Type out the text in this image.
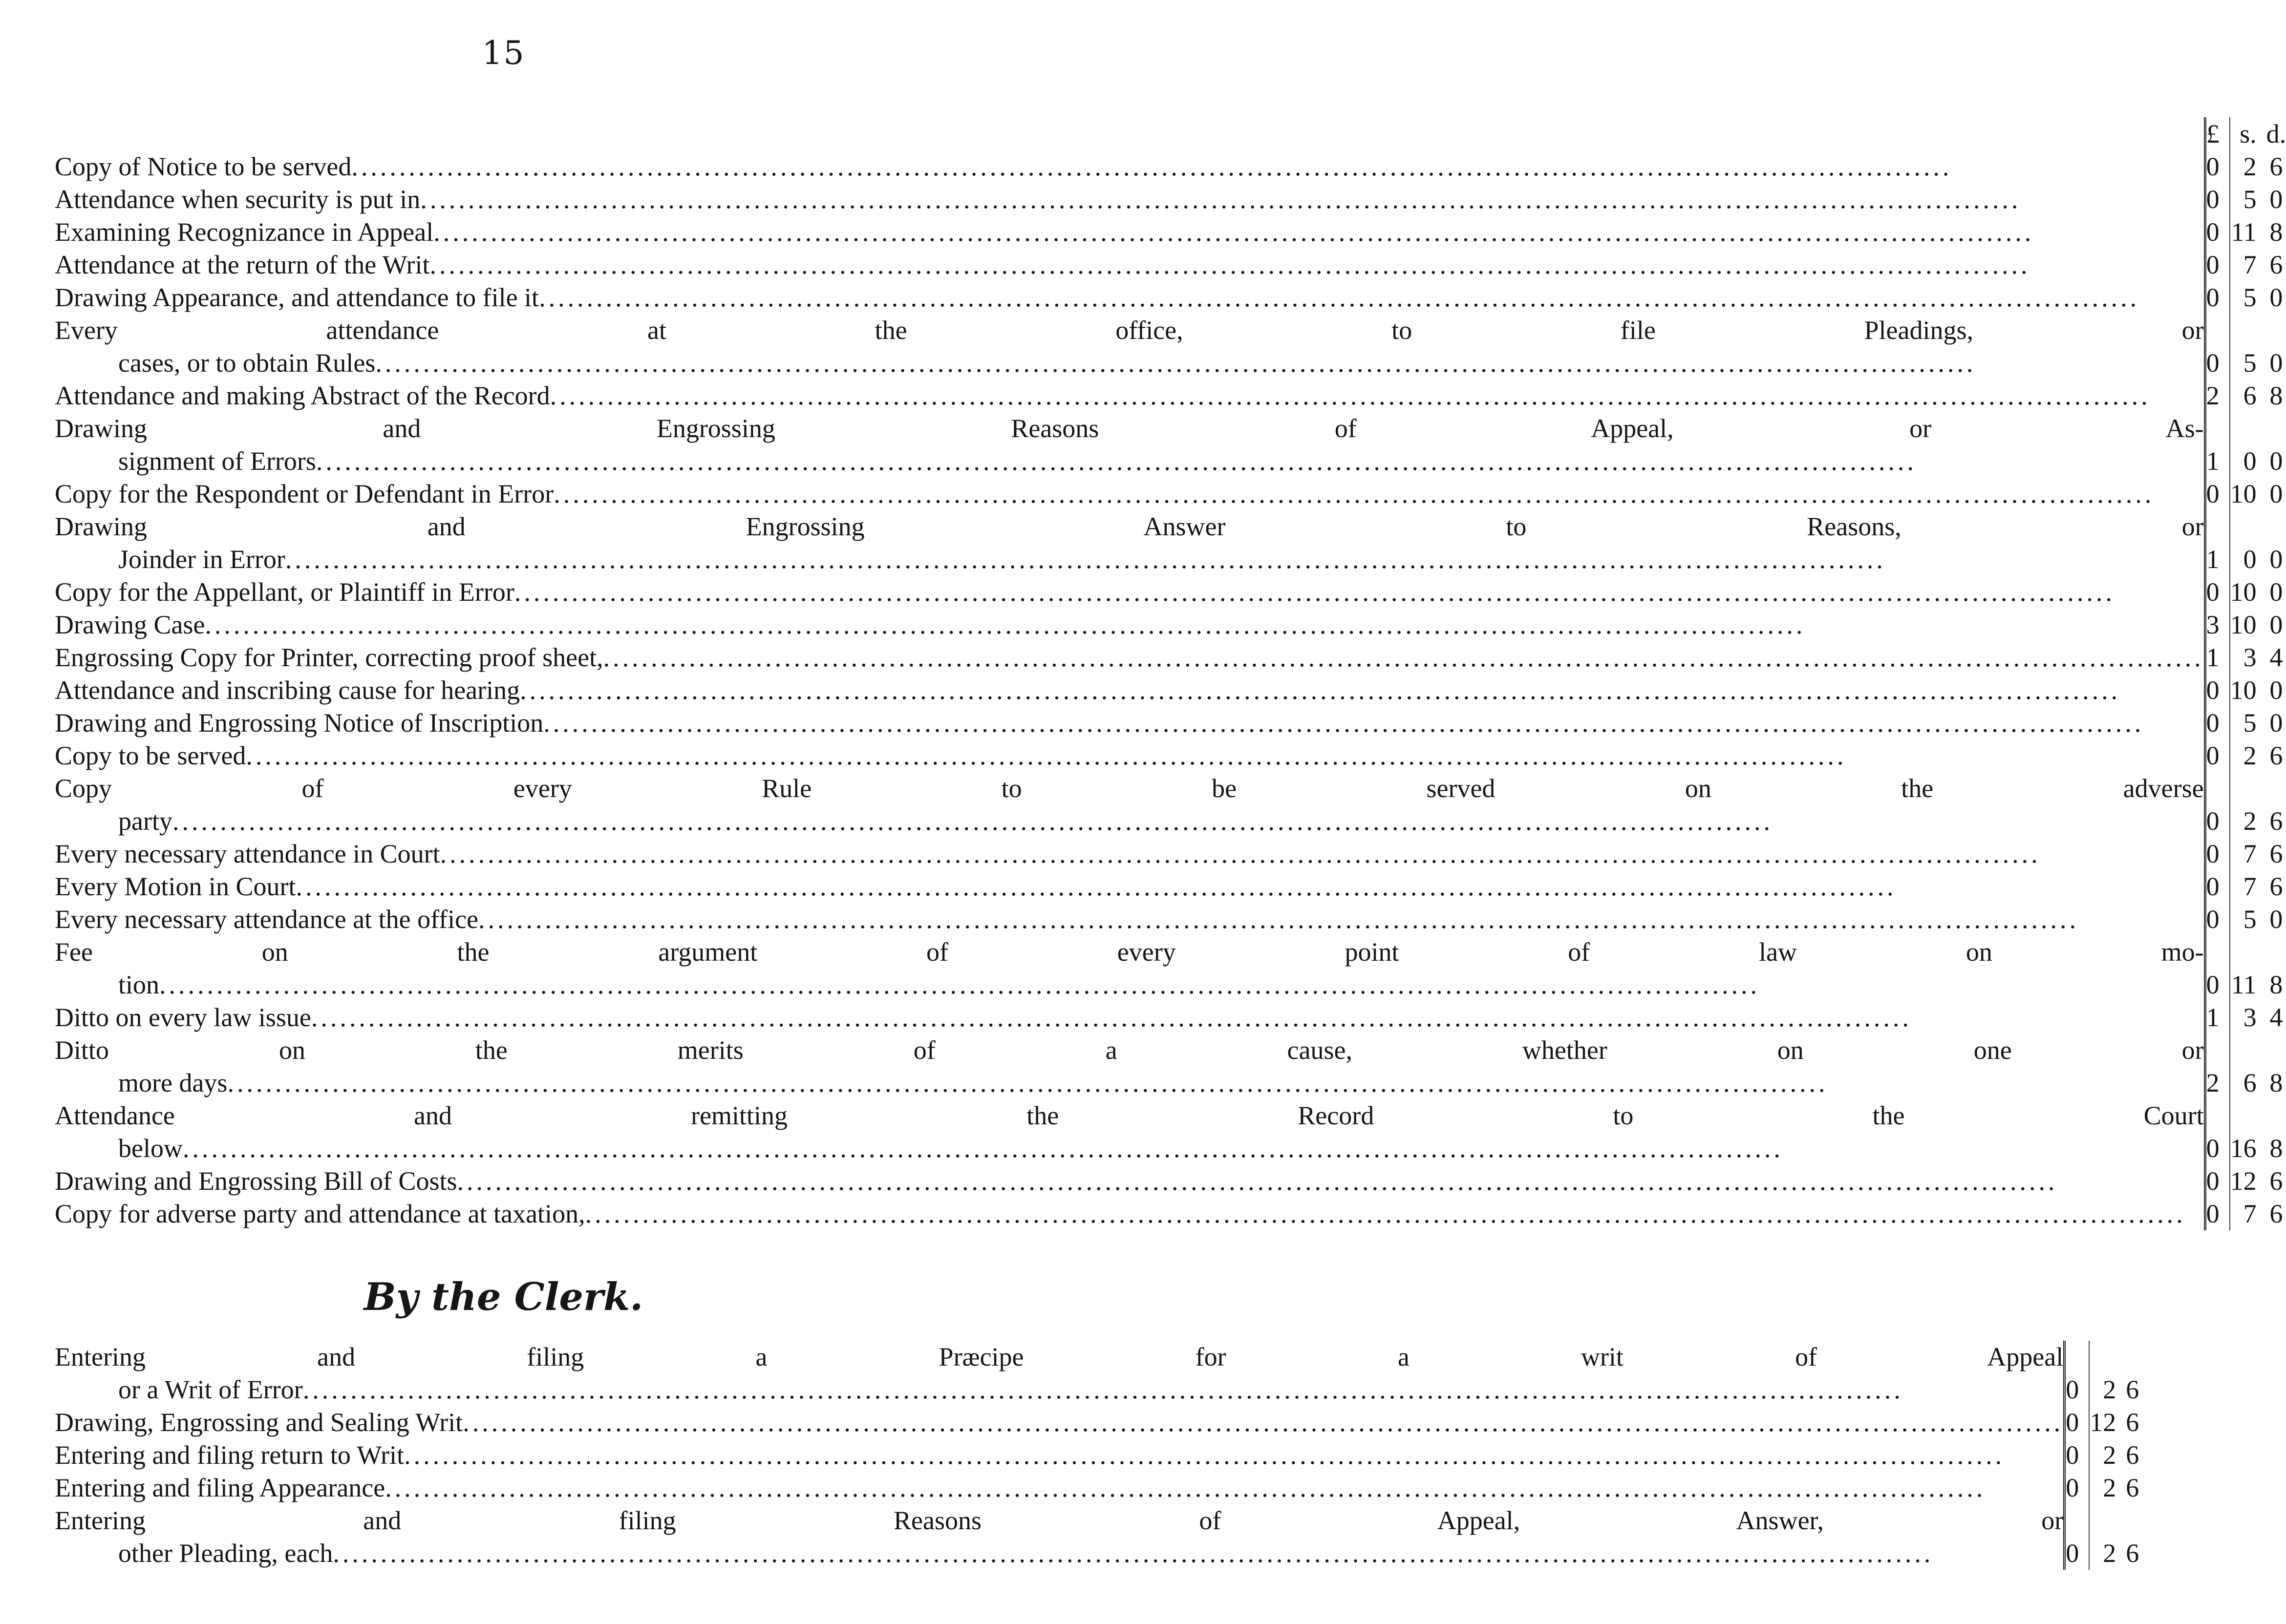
15
	£	s.	d.

Copy of Notice to be served
.....	0	2	6

Attendance when security is put in
.....	0	5	0

Examining Recognizance in Appeal
.....	0	11	8

Attendance at the return of the Writ
.....	0	7	6

Drawing Appearance, and attendance to file it
.....	0	5	0

Every attendance at the office, to file Pleadings, or
cases, or to obtain Rules
.....	0	5	0

Attendance and making Abstract of the Record
.....	2	6	8

Drawing and Engrossing Reasons of Appeal, or As-
signment of Errors
.....	1	0	0

Copy for the Respondent or Defendant in Error
.....	0	10	0

Drawing and Engrossing Answer to Reasons, or
Joinder in Error
.....	1	0	0

Copy for the Appellant, or Plaintiff in Error
.....	0	10	0

Drawing Case
.....	3	10	0

Engrossing Copy for Printer, correcting proof sheet,
.....	1	3	4

Attendance and inscribing cause for hearing
.....	0	10	0

Drawing and Engrossing Notice of Inscription
.....	0	5	0

Copy to be served
.....	0	2	6

Copy of every Rule to be served on the adverse
party
.....	0	2	6

Every necessary attendance in Court
.....	0	7	6

Every Motion in Court
.....	0	7	6

Every necessary attendance at the office
.....	0	5	0

Fee on the argument of every point of law on mo-
tion
.....	0	11	8

Ditto on every law issue
.....	1	3	4

Ditto on the merits of a cause, whether on one or
more days
.....	2	6	8

Attendance and remitting the Record to the Court
below
.....	0	16	8

Drawing and Engrossing Bill of Costs
.....	0	12	6

Copy for adverse party and attendance at taxation,
.....	0	7	6
By the Clerk.
Entering and filing a Præcipe for a writ of Appeal
or a Writ of Error
.....	0	2	6

Drawing, Engrossing and Sealing Writ
.....	0	12	6

Entering and filing return to Writ
.....	0	2	6

Entering and filing Appearance
.....	0	2	6

Entering and filing Reasons of Appeal, Answer, or
other Pleading, each
.....	0	2	6
